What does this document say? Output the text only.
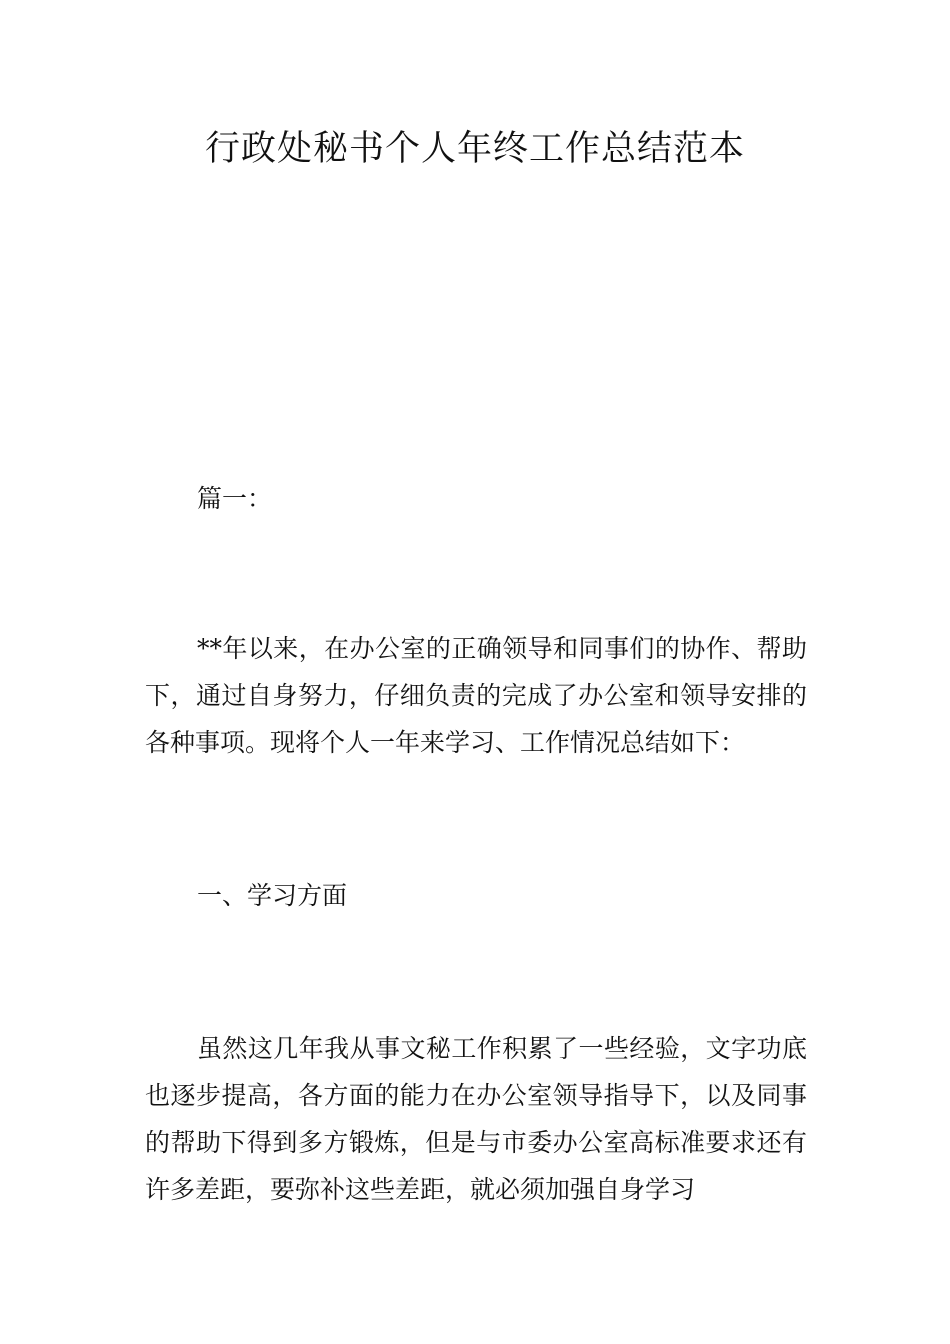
行政处秘书个人年终工作总结范本
篇一：

**年以来，在办公室的正确领导和同事们的协作、帮助下，通过自身努力，仔细负责的完成了办公室和领导安排的各种事项。现将个人一年来学习、工作情况总结如下：

一、学习方面

虽然这几年我从事文秘工作积累了一些经验，文字功底也逐步提高，各方面的能力在办公室领导指导下，以及同事的帮助下得到多方锻炼，但是与市委办公室高标准要求还有许多差距，要弥补这些差距，就必须加强自身学习
